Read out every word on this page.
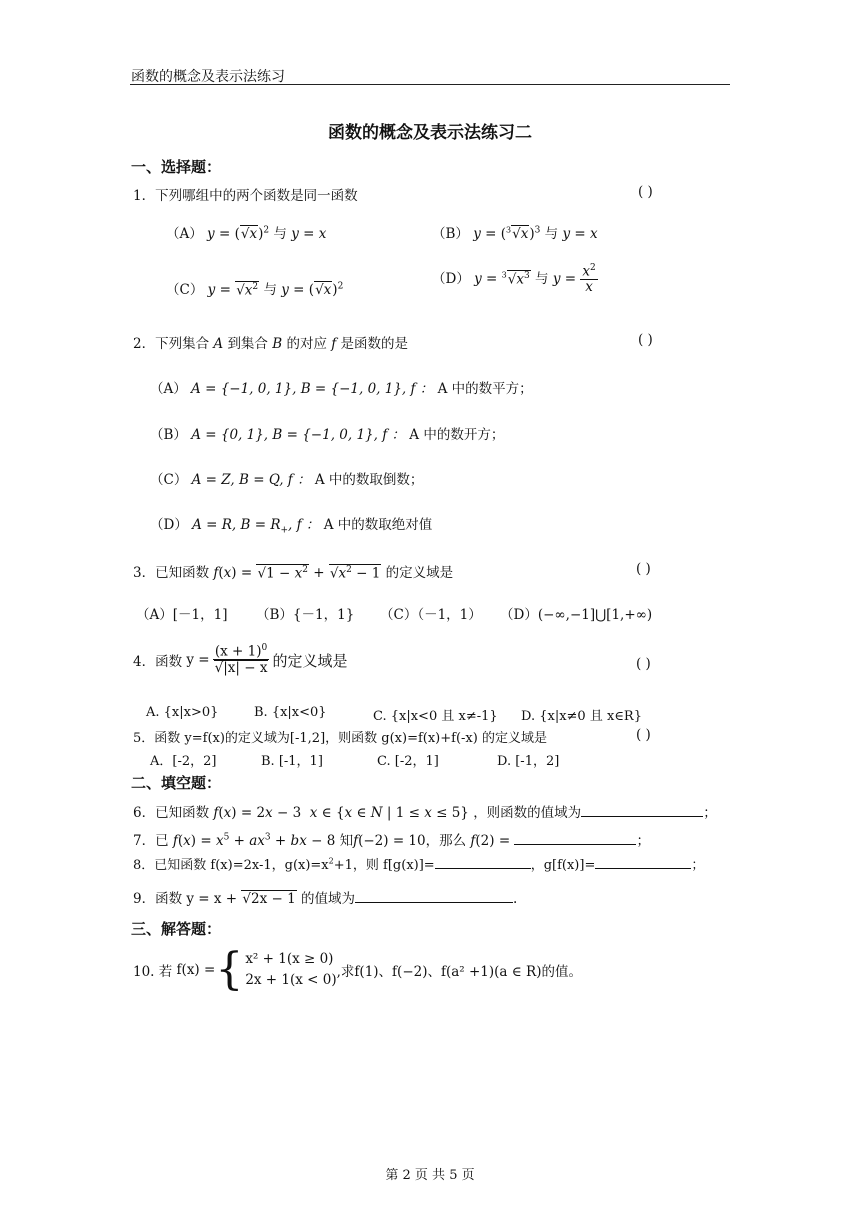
函数的概念及表示法练习
函数的概念及表示法练习二
一、选择题：
1．下列哪组中的两个函数是同一函数	( )
（A） $y = (√x)^2$ 与 y = x	（B） $y = (^3√x)^3$ 与 y = x
（C） $y = √x^2$ 与 $y = (√x)^2$	（D） $y = ^3√x^3$ 与 $y = \frac{x^2}{x}$
2．下列集合 A 到集合 B 的对应 f 是函数的是	( )
（A） A = {−1, 0, 1}, B = {−1, 0, 1}, f ： A 中的数平方；
（B） A = {0, 1}, B = {−1, 0, 1}, f ： A 中的数开方；
（C） A = Z, B = Q, f ： A 中的数取倒数；
（D） A = R, $B = R_+$, f ： A 中的数取绝对值
3．已知函数 $f(x) = √1 - x^2 + √x^2 - 1$ 的定义域是	( )
（A）[－1，1] （B）{－1，1} （C）（－1，1） （D）(−∞,−1]⋃[1,+∞)
4．函数 $y = \frac{(x + 1)^0}{√|x| - x}$ 的定义域是	( )
A. {x|x>0}	B. {x|x<0}	C. {x|x<0 且 x≠-1} D. {x|x≠0 且 x∈R}
5．函数 y=f(x)的定义域为[-1,2]，则函数 g(x)=f(x)+f(-x) 的定义域是	( )
A．[-2，2]	B. [-1，1]	C. [-2，1]	D. [-1，2]
二、填空题：
6．已知函数 f(x) = 2x − 3  x ∈ {x ∈ N | 1 ≤ x ≤ 5} ，则函数的值域为	；
7．已 $f(x) = x^5 + ax^3$ + bx − 8 知f(−2) = 10，那么 f(2) =	；
8．已知函数 f(x)=2x-1，$g(x)=x^2+1$，则 f[g(x)]=	，g[f(x)]=	；
9．函数 y = x + √2x − 1 的值域为	.
三、解答题：
10. 若 f(x) = { x² + 1(x ≥ 0)
2x + 1(x < 0) ,求f(1)、f(−2)、f(a² +1)(a ∈ R)的值。
第 2 页 共 5 页
